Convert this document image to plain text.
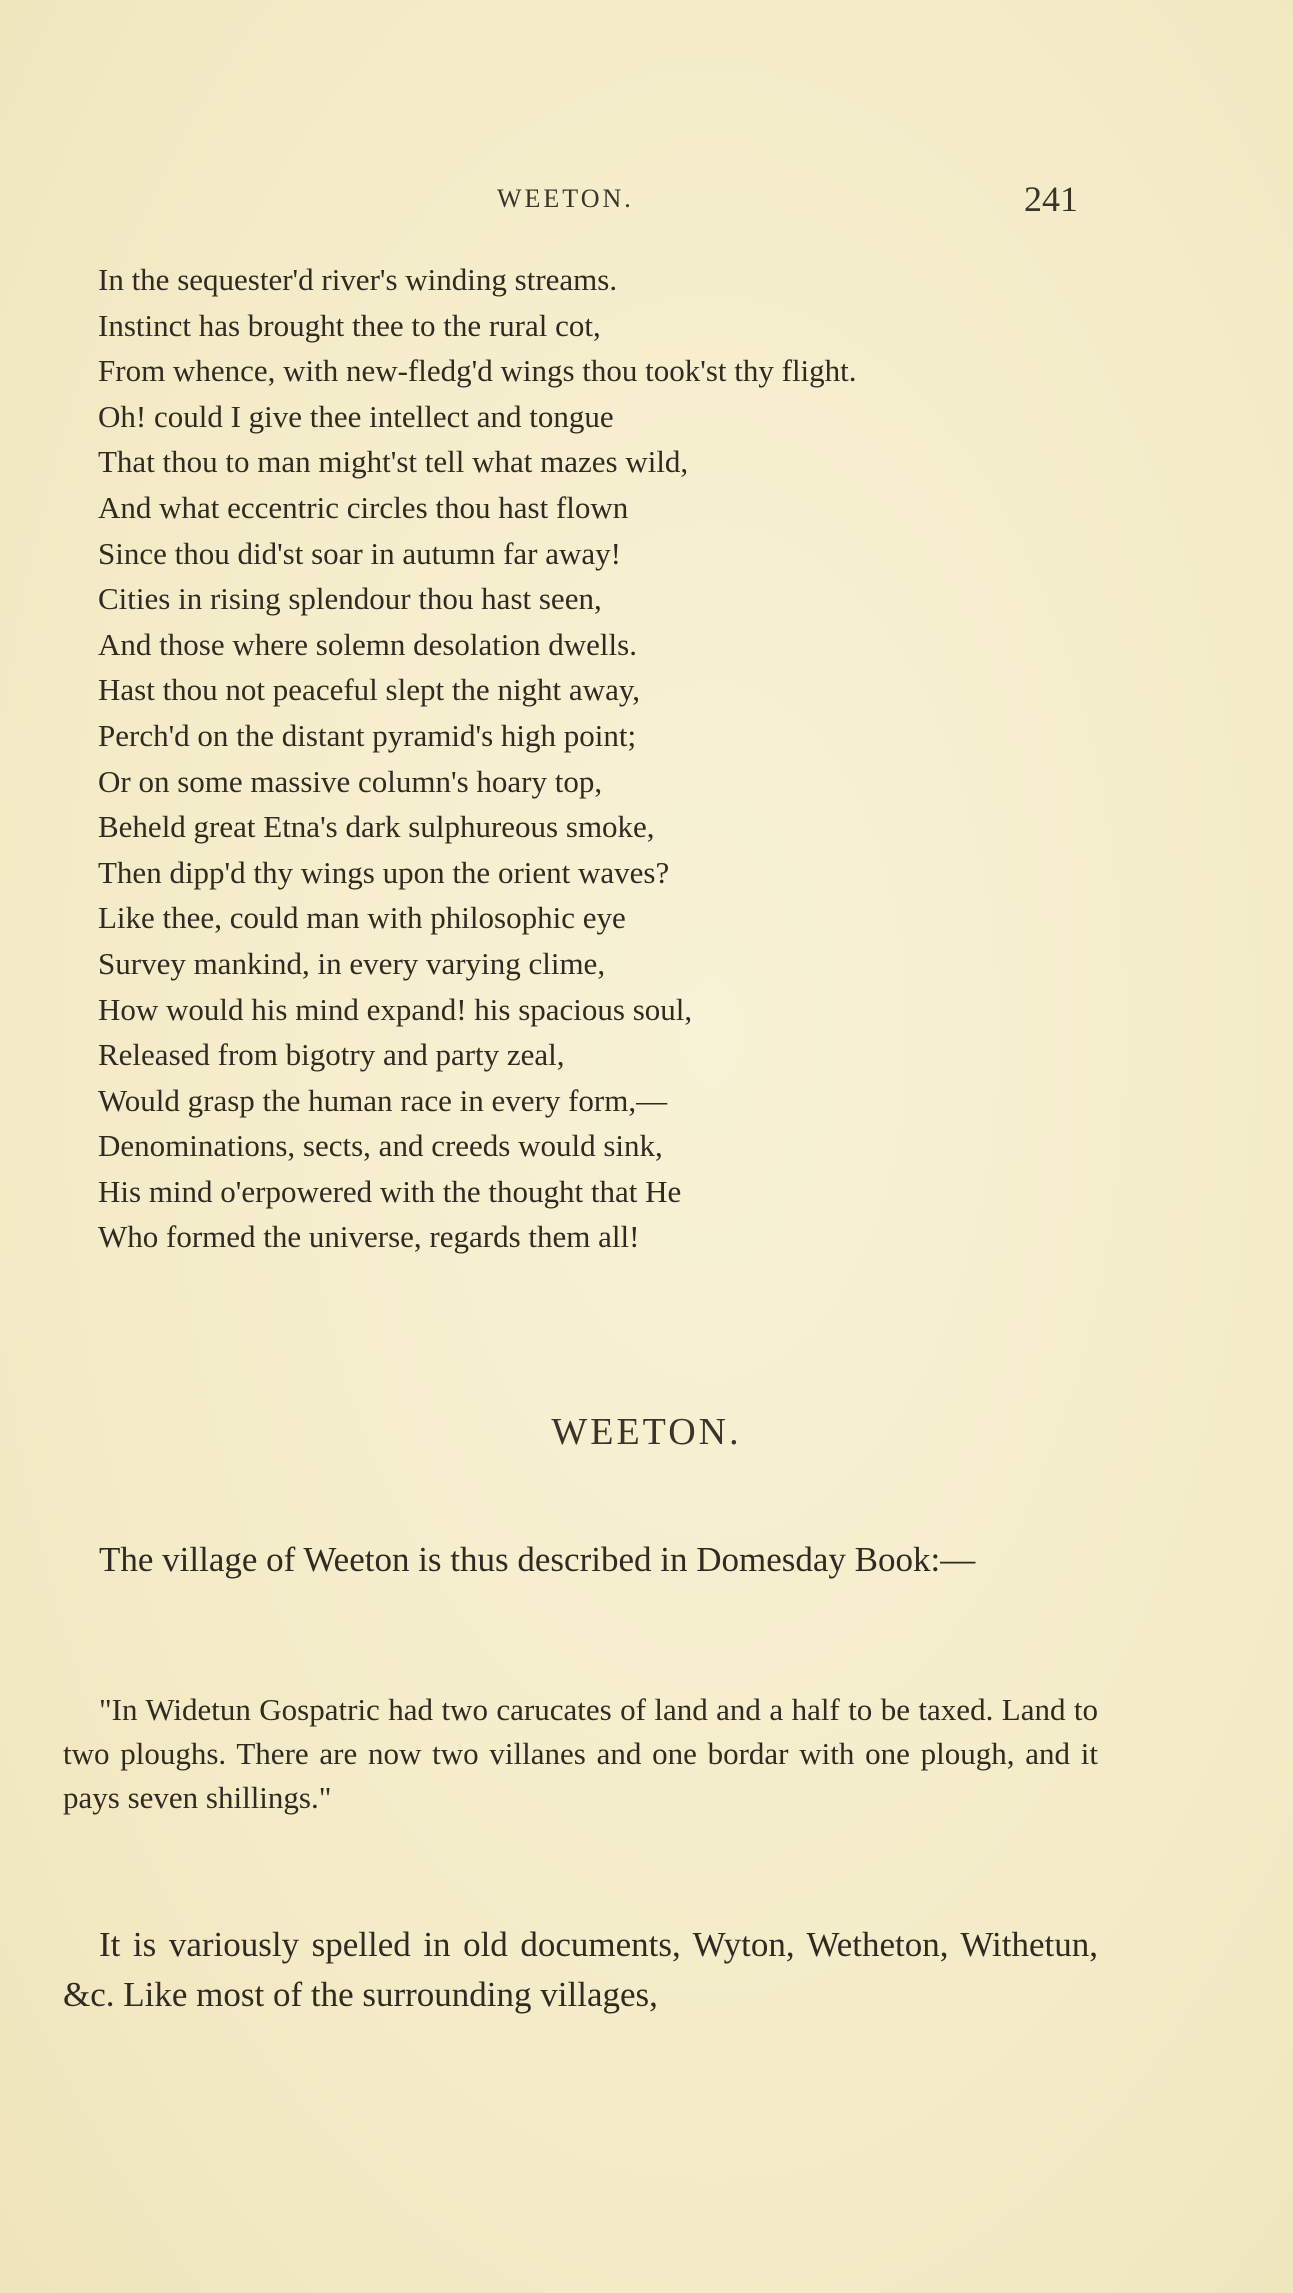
WEETON.	241
In the sequester'd river's winding streams.
Instinct has brought thee to the rural cot,
From whence, with new-fledg'd wings thou took'st thy flight.
Oh! could I give thee intellect and tongue
That thou to man might'st tell what mazes wild,
And what eccentric circles thou hast flown
Since thou did'st soar in autumn far away!
Cities in rising splendour thou hast seen,
And those where solemn desolation dwells.
Hast thou not peaceful slept the night away,
Perch'd on the distant pyramid's high point;
Or on some massive column's hoary top,
Beheld great Etna's dark sulphureous smoke,
Then dipp'd thy wings upon the orient waves?
Like thee, could man with philosophic eye
Survey mankind, in every varying clime,
How would his mind expand! his spacious soul,
Released from bigotry and party zeal,
Would grasp the human race in every form,—
Denominations, sects, and creeds would sink,
His mind o'erpowered with the thought that He
Who formed the universe, regards them all!
WEETON.

The village of Weeton is thus described in Domesday Book:—

"In Widetun Gospatric had two carucates of land and a half to be taxed. Land to two ploughs. There are now two villanes and one bordar with one plough, and it pays seven shillings."

It is variously spelled in old documents, Wyton, Wetheton, Withetun, &c. Like most of the surrounding villages,
